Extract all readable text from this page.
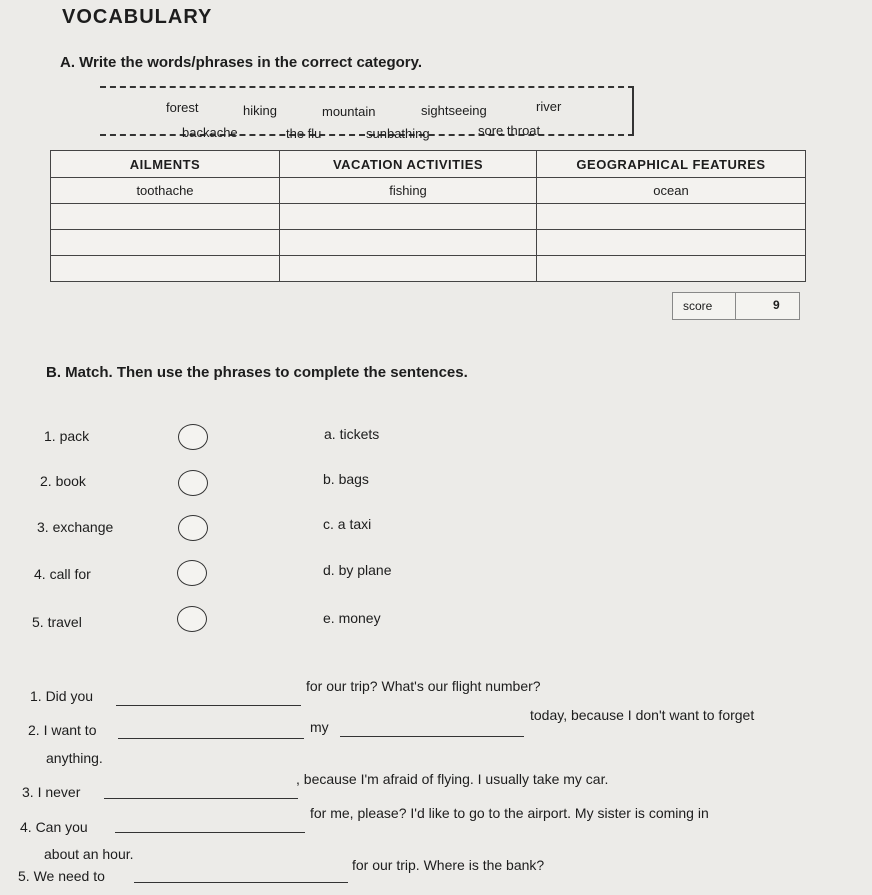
VOCABULARY
A. Write the words/phrases in the correct category.
forest	hiking	mountain	sightseeing	river
backache	the flu	sunbathing	sore throat
AILMENTS	VACATION ACTIVITIES	GEOGRAPHICAL FEATURES
toothache	fishing	ocean

score	9
B. Match. Then use the phrases to complete the sentences.
1. pack
2. book
3. exchange
4. call for
5. travel
a. tickets
b. bags
c. a taxi
d. by plane
e. money
1. Did you
for our trip? What's our flight number?
2. I want to	my
today, because I don't want to forget
anything.
3. I never
, because I'm afraid of flying. I usually take my car.
4. Can you
for me, please? I'd like to go to the airport. My sister is coming in
about an hour.
5. We need to
for our trip. Where is the bank?
